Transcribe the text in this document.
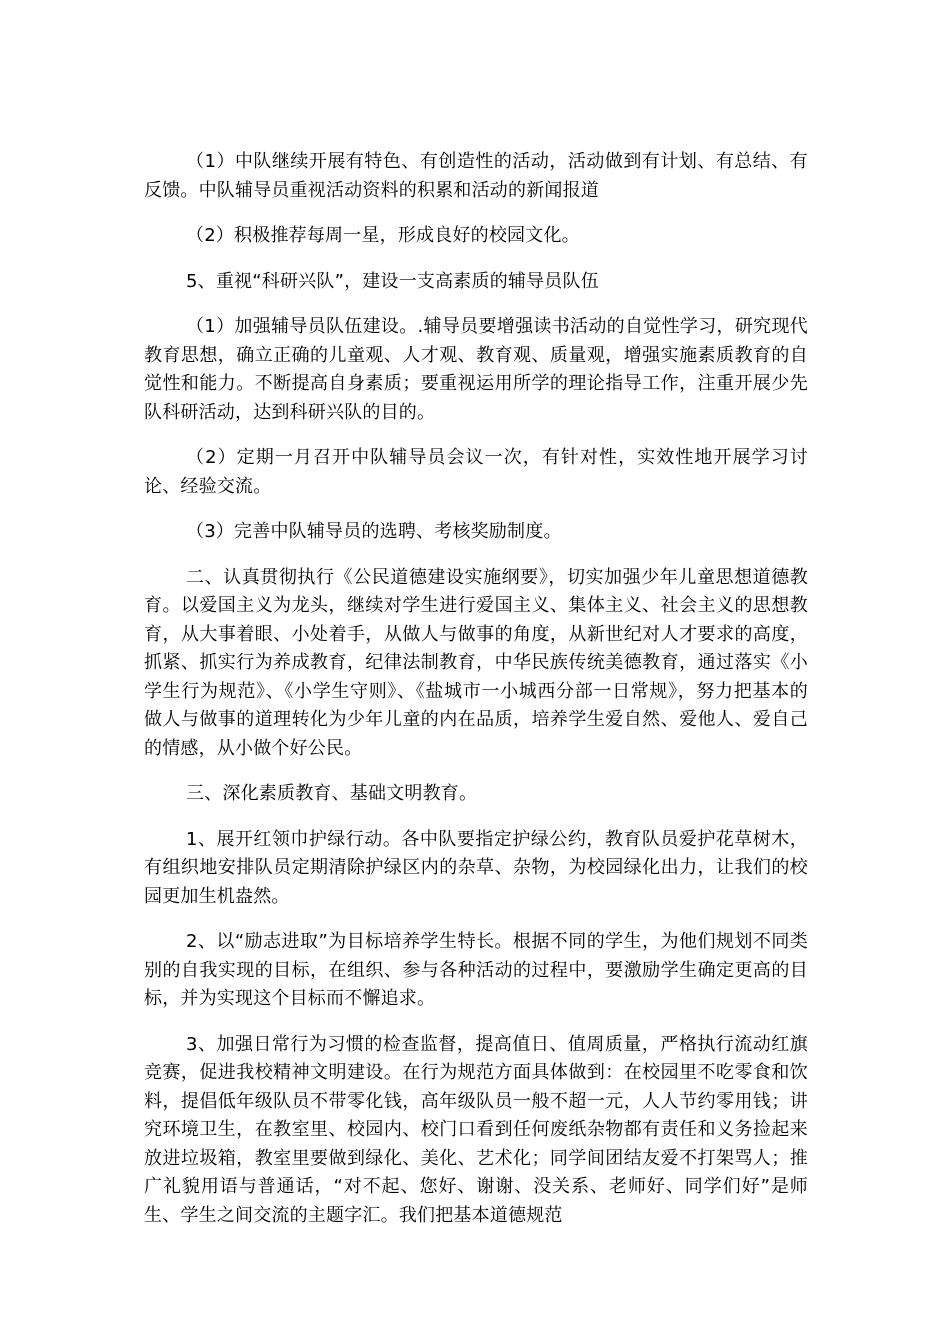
（1）中队继续开展有特色、有创造性的活动，活动做到有计划、有总结、有反馈。中队辅导员重视活动资料的积累和活动的新闻报道

（2）积极推荐每周一星，形成良好的校园文化。

5、重视“科研兴队”，建设一支高素质的辅导员队伍

（1）加强辅导员队伍建设。.辅导员要增强读书活动的自觉性学习，研究现代教育思想，确立正确的儿童观、人才观、教育观、质量观，增强实施素质教育的自觉性和能力。不断提高自身素质；要重视运用所学的理论指导工作，注重开展少先队科研活动，达到科研兴队的目的。

（2）定期一月召开中队辅导员会议一次，有针对性，实效性地开展学习讨论、经验交流。

（3）完善中队辅导员的选聘、考核奖励制度。

二、认真贯彻执行《公民道德建设实施纲要》，切实加强少年儿童思想道德教育。以爱国主义为龙头，继续对学生进行爱国主义、集体主义、社会主义的思想教育，从大事着眼、小处着手，从做人与做事的角度，从新世纪对人才要求的高度，抓紧、抓实行为养成教育，纪律法制教育，中华民族传统美德教育，通过落实《小学生行为规范》、《小学生守则》、《盐城市一小城西分部一日常规》，努力把基本的做人与做事的道理转化为少年儿童的内在品质，培养学生爱自然、爱他人、爱自己的情感，从小做个好公民。

三、深化素质教育、基础文明教育。

1、展开红领巾护绿行动。各中队要指定护绿公约，教育队员爱护花草树木，有组织地安排队员定期清除护绿区内的杂草、杂物，为校园绿化出力，让我们的校园更加生机盎然。

2、以“励志进取”为目标培养学生特长。根据不同的学生，为他们规划不同类别的自我实现的目标，在组织、参与各种活动的过程中，要激励学生确定更高的目标，并为实现这个目标而不懈追求。

3、加强日常行为习惯的检查监督，提高值日、值周质量，严格执行流动红旗竞赛，促进我校精神文明建设。在行为规范方面具体做到：在校园里不吃零食和饮料，提倡低年级队员不带零化钱，高年级队员一般不超一元，人人节约零用钱；讲究环境卫生，在教室里、校园内、校门口看到任何废纸杂物都有责任和义务捡起来放进垃圾箱，教室里要做到绿化、美化、艺术化；同学间团结友爱不打架骂人；推广礼貌用语与普通话，“对不起、您好、谢谢、没关系、老师好、同学们好”是师生、学生之间交流的主题字汇。我们把基本道德规范
